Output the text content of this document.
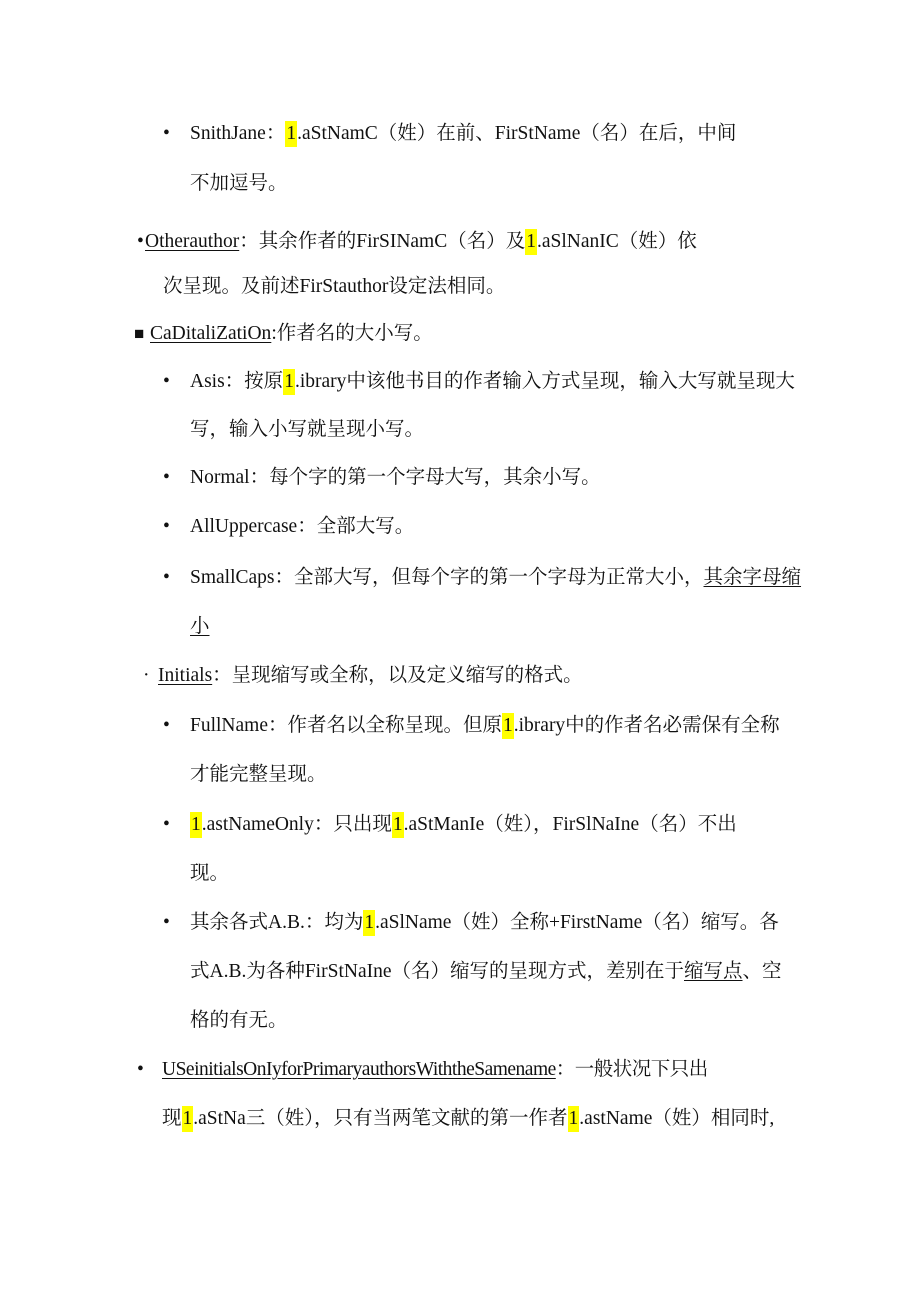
• SnithJane：1.aStNamC（姓）在前、FirStName（名）在后，中间
不加逗号。
• Otherauthor：其余作者的FirSINamC（名）及1.aSlNanIC（姓）依
次呈现。及前述FirStauthor设定法相同。
■ CaDitaliZatiOn:作者名的大小写。
• Asis：按原1.ibrary中该他书目的作者输入方式呈现，输入大写就呈现大
写，输入小写就呈现小写。
• Normal：每个字的第一个字母大写，其余小写。
• AllUppercase：全部大写。
• SmallCaps：全部大写，但每个字的第一个字母为正常大小，其余字母缩
小
· Initials：呈现缩写或全称，以及定义缩写的格式。
• FullName：作者名以全称呈现。但原1.ibrary中的作者名必需保有全称
才能完整呈现。
• 1.astNameOnly：只出现1.aStManIe（姓），FirSlNaIne（名）不出
现。
• 其余各式A.B.：均为1.aSlName（姓）全称+FirstName（名）缩写。各
式A.B.为各种FirStNaIne（名）缩写的呈现方式，差别在于缩写点、空
格的有无。
• USeinitialsOnIyforPrimaryauthorsWiththeSamename：一般状况下只出
现1.aStNa三（姓），只有当两笔文献的第一作者1.astName（姓）相同时,
